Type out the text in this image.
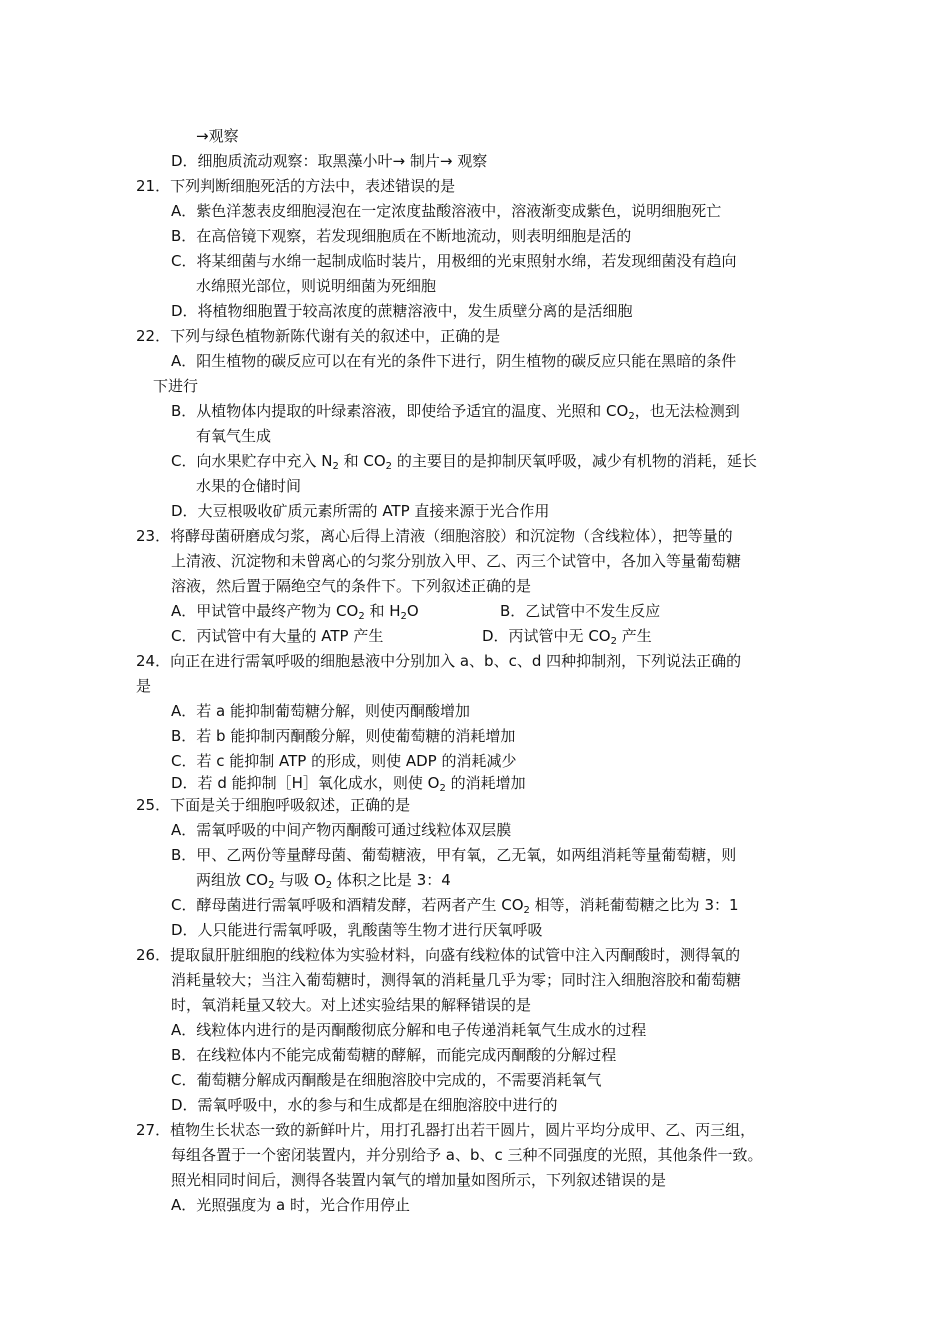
→观察
D．细胞质流动观察：取黑藻小叶→ 制片→ 观察
21．下列判断细胞死活的方法中，表述错误的是
A．紫色洋葱表皮细胞浸泡在一定浓度盐酸溶液中，溶液渐变成紫色，说明细胞死亡
B．在高倍镜下观察，若发现细胞质在不断地流动，则表明细胞是活的
C．将某细菌与水绵一起制成临时装片，用极细的光束照射水绵，若发现细菌没有趋向
水绵照光部位，则说明细菌为死细胞
D．将植物细胞置于较高浓度的蔗糖溶液中，发生质壁分离的是活细胞
22．下列与绿色植物新陈代谢有关的叙述中，正确的是
A．阳生植物的碳反应可以在有光的条件下进行，阴生植物的碳反应只能在黑暗的条件
下进行
B．从植物体内提取的叶绿素溶液，即使给予适宜的温度、光照和 $CO_2$，也无法检测到
有氧气生成
C．向水果贮存中充入 $N_2$ 和 $CO_2$ 的主要目的是抑制厌氧呼吸，减少有机物的消耗，延长
水果的仓储时间
D．大豆根吸收矿质元素所需的 ATP 直接来源于光合作用
23．将酵母菌研磨成匀浆，离心后得上清液（细胞溶胶）和沉淀物（含线粒体），把等量的
上清液、沉淀物和未曾离心的匀浆分别放入甲、乙、丙三个试管中，各加入等量葡萄糖
溶液，然后置于隔绝空气的条件下。下列叙述正确的是
A．甲试管中最终产物为 $CO_2$ 和 $H_2O$	B．乙试管中不发生反应
C．丙试管中有大量的 ATP 产生	D．丙试管中无 $CO_2$ 产生
24．向正在进行需氧呼吸的细胞悬液中分别加入 a、b、c、d 四种抑制剂，下列说法正确的
是
A．若 a 能抑制葡萄糖分解，则使丙酮酸增加
B．若 b 能抑制丙酮酸分解，则使葡萄糖的消耗增加
C．若 c 能抑制 ATP 的形成，则使 ADP 的消耗减少
D．若 d 能抑制［H］氧化成水，则使 $O_2$ 的消耗增加
25．下面是关于细胞呼吸叙述，正确的是
A．需氧呼吸的中间产物丙酮酸可通过线粒体双层膜
B．甲、乙两份等量酵母菌、葡萄糖液，甲有氧，乙无氧，如两组消耗等量葡萄糖，则
两组放 $CO_2$ 与吸 $O_2$ 体积之比是 3：4
C．酵母菌进行需氧呼吸和酒精发酵，若两者产生 $CO_2$ 相等，消耗葡萄糖之比为 3：1
D．人只能进行需氧呼吸，乳酸菌等生物才进行厌氧呼吸
26．提取鼠肝脏细胞的线粒体为实验材料，向盛有线粒体的试管中注入丙酮酸时，测得氧的
消耗量较大；当注入葡萄糖时，测得氧的消耗量几乎为零；同时注入细胞溶胶和葡萄糖
时，氧消耗量又较大。对上述实验结果的解释错误的是
A．线粒体内进行的是丙酮酸彻底分解和电子传递消耗氧气生成水的过程
B．在线粒体内不能完成葡萄糖的酵解，而能完成丙酮酸的分解过程
C．葡萄糖分解成丙酮酸是在细胞溶胶中完成的，不需要消耗氧气
D．需氧呼吸中，水的参与和生成都是在细胞溶胶中进行的
27．植物生长状态一致的新鲜叶片，用打孔器打出若干圆片，圆片平均分成甲、乙、丙三组，
每组各置于一个密闭装置内，并分别给予 a、b、c 三种不同强度的光照，其他条件一致。
照光相同时间后，测得各装置内氧气的增加量如图所示，下列叙述错误的是
A．光照强度为 a 时，光合作用停止
